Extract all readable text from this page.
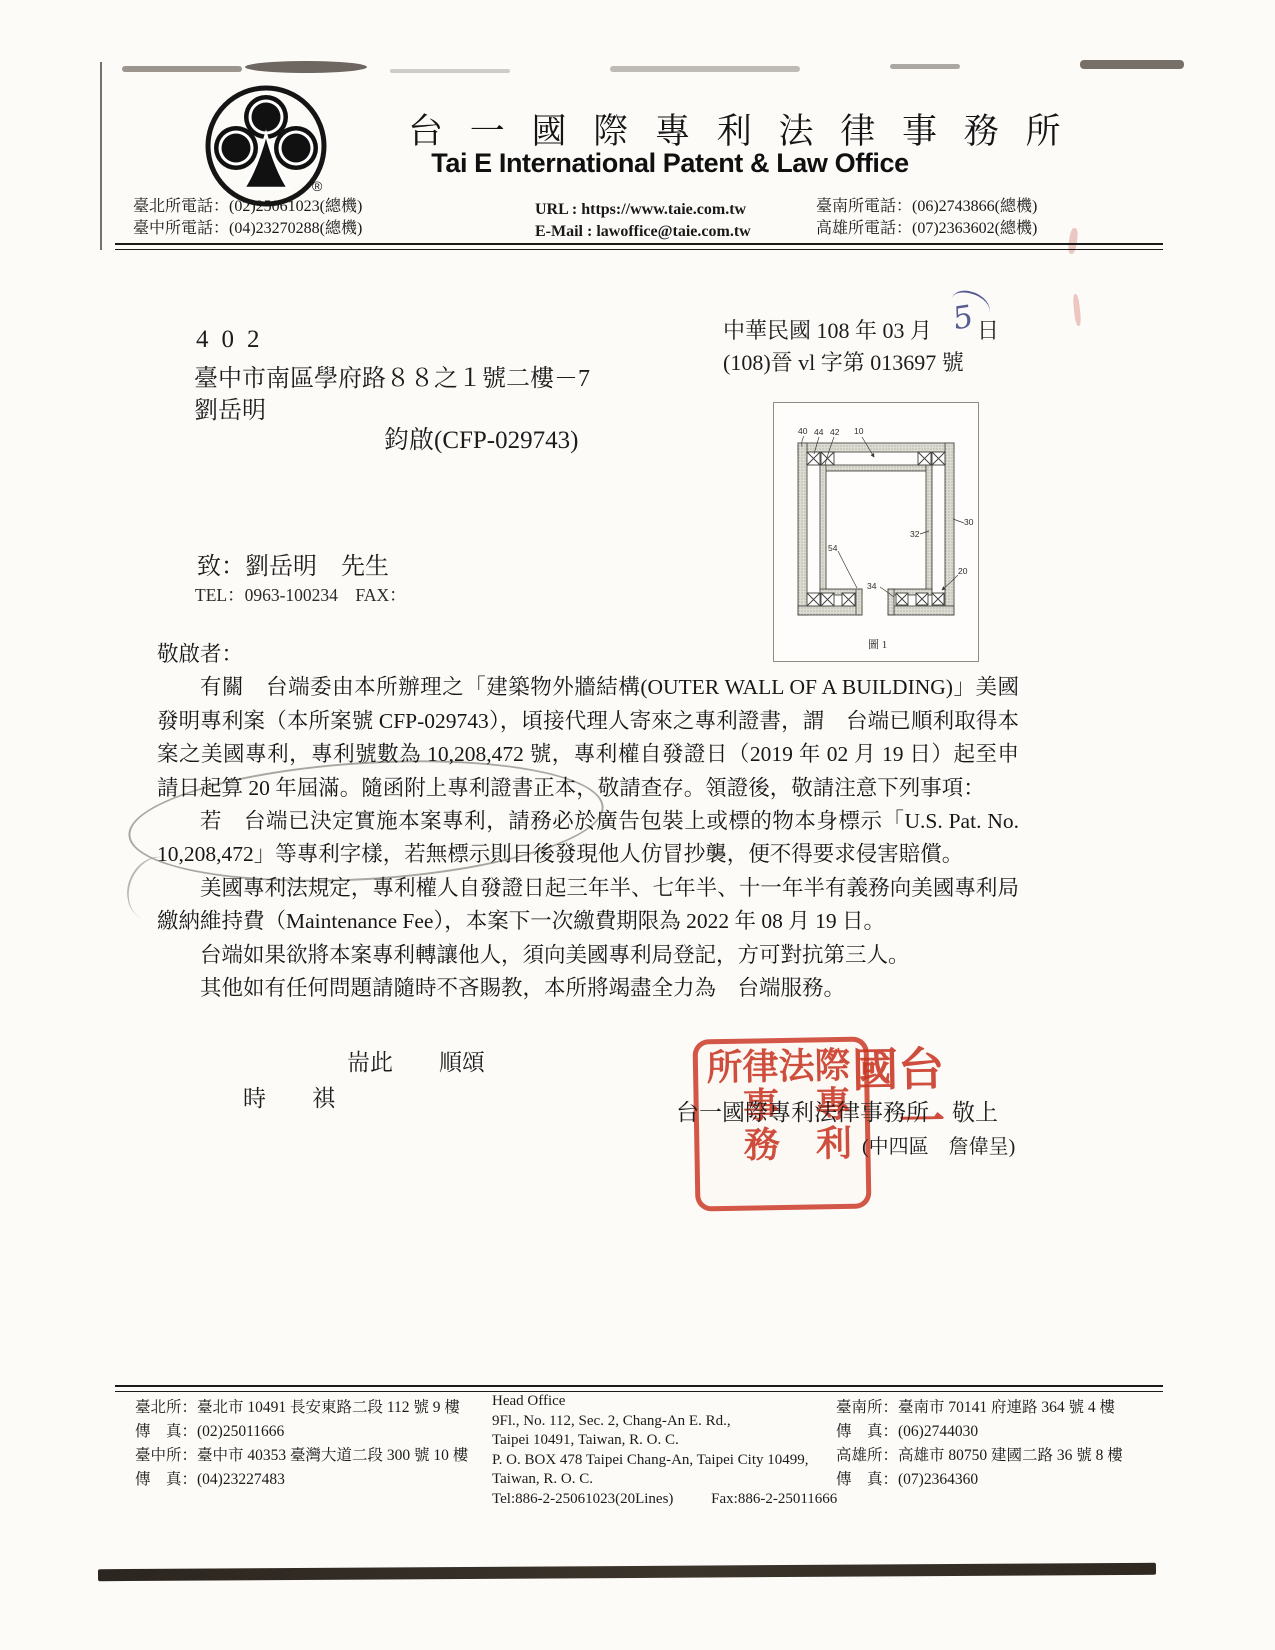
®
台 一 國 際 專 利 法 律 事 務 所
Tai E International Patent & Law Office
臺北所電話：(02)25061023(總機)
臺中所電話：(04)23270288(總機)
URL : https://www.taie.com.tw
E-Mail : lawoffice@taie.com.tw
臺南所電話：(06)2743866(總機)
高雄所電話：(07)2363602(總機)
中華民國 108 年 03 月 日
5
(108)晉 vl 字第 013697 號
402
臺中市南區學府路８８之１號二樓－7
劉岳明
鈞啟(CFP-029743)	40 44 42 10
30
32
54
20
34
圖 1
致：劉岳明　先生
TEL：0963-100234　FAX：

敬啟者：

有關　台端委由本所辦理之「建築物外牆結構(OUTER WALL OF A BUILDING)」美國發明專利案（本所案號 CFP-029743），頃接代理人寄來之專利證書，謂　台端已順利取得本案之美國專利，專利號數為 10,208,472 號，專利權自發證日（2019 年 02 月 19 日）起至申請日起算 20 年屆滿。隨函附上專利證書正本，敬請查存。領證後，敬請注意下列事項：

若　台端已決定實施本案專利，請務必於廣告包裝上或標的物本身標示「U.S. Pat. No. 10,208,472」等專利字樣，若無標示則日後發現他人仿冒抄襲，便不得要求侵害賠償。

美國專利法規定，專利權人自發證日起三年半、七年半、十一年半有義務向美國專利局繳納維持費（Maintenance Fee），本案下一次繳費期限為 2022 年 08 月 19 日。

台端如果欲將本案專利轉讓他人，須向美國專利局登記，方可對抗第三人。

其他如有任何問題請隨時不吝賜教，本所將竭盡全力為　台端服務。

耑此　　順頌
時　　祺	台一國
際專利法
律事務所
台一國際專利法律事務所　敬上
(中四區　詹偉呈)
臺北所：臺北市 10491 長安東路二段 112 號 9 樓
傳　真：(02)25011666
臺中所：臺中市 40353 臺灣大道二段 300 號 10 樓
傳　真：(04)23227483
Head Office
9Fl., No. 112, Sec. 2, Chang-An E. Rd.,
Taipei 10491, Taiwan, R. O. C.
P. O. BOX 478 Taipei Chang-An, Taipei City 10499,
Taiwan, R. O. C.
Tel:886-2-25061023(20Lines)	Fax:886-2-25011666
臺南所：臺南市 70141 府連路 364 號 4 樓
傳　真：(06)2744030
高雄所：高雄市 80750 建國二路 36 號 8 樓
傳　真：(07)2364360
